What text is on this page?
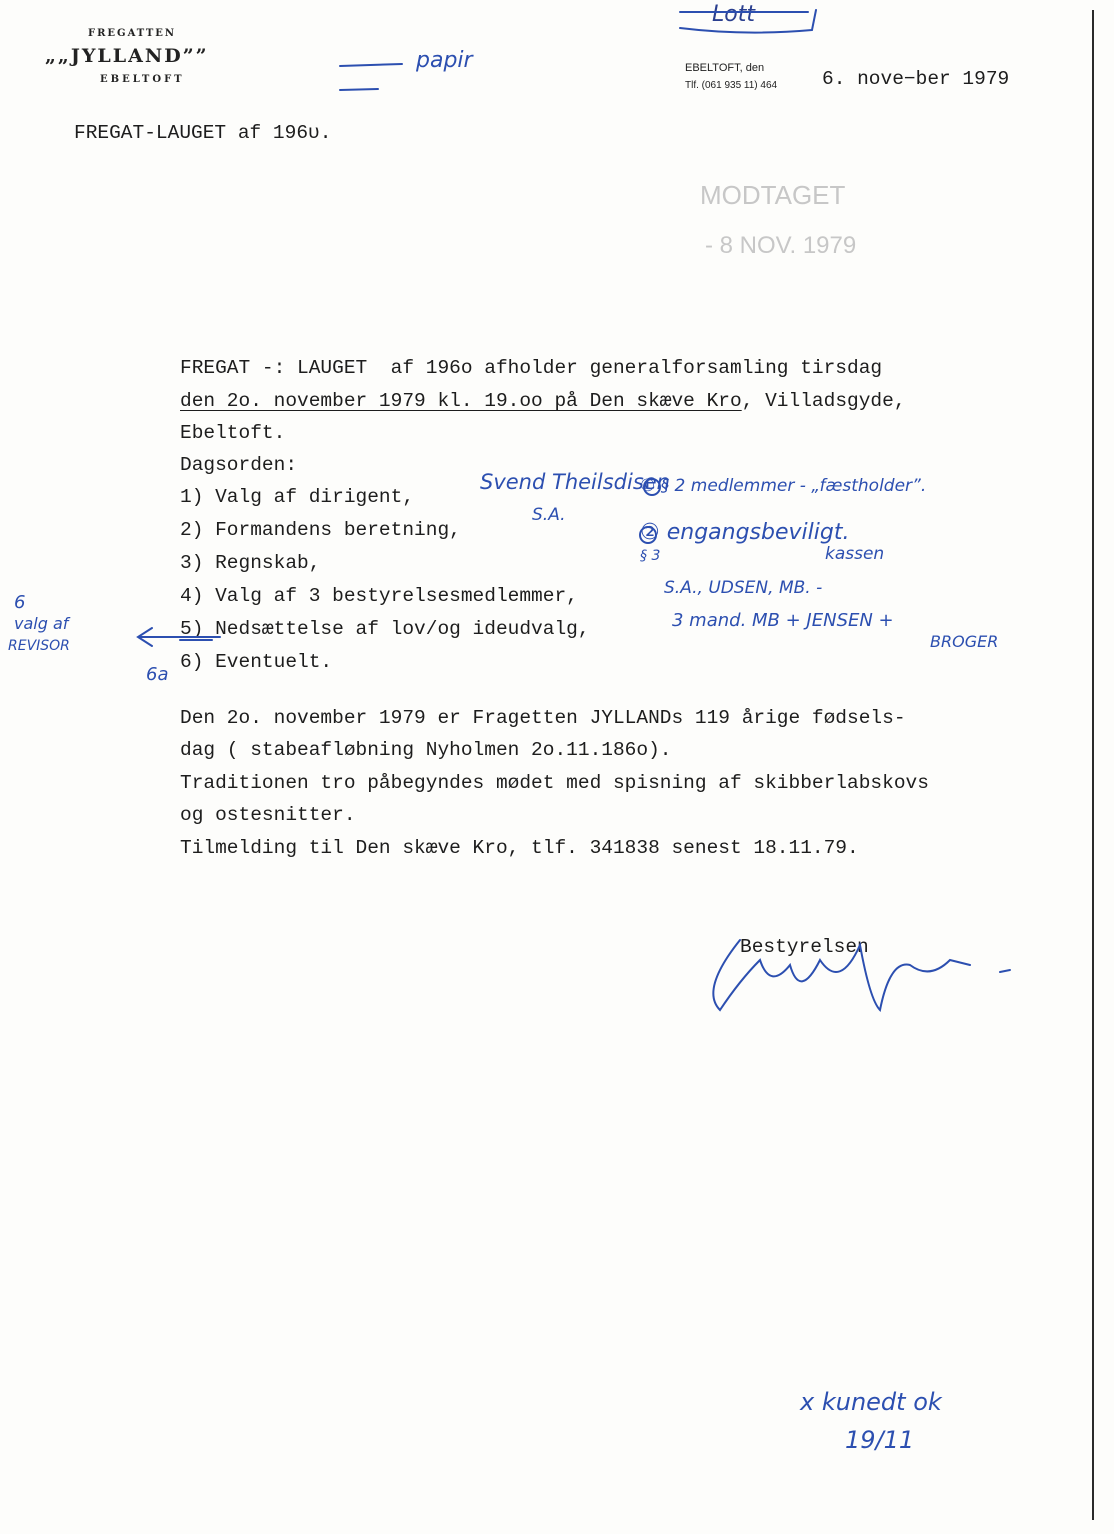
FREGATTEN
„„JYLLAND””
EBELTOFT
EBELTOFT, den
Tlf. (061 935 11) 464 6. nove−ber 1979
FREGAT-LAUGET af 196υ.
MODTAGET
- 8 NOV. 1979
FREGAT -: LAUGET  af 196o afholder generalforsamling tirsdag
den 2o. november 1979 kl. 19.oo på Den skæve Kro, Villadsgyde,
Ebeltoft.
Dagsorden:
1) Valg af dirigent,
2) Formandens beretning,
3) Regnskab,
4) Valg af 3 bestyrelsesmedlemmer,
5) Nedsættelse af lov/og ideudvalg,
6) Eventuelt.
Den 2o. november 1979 er Fragetten JYLLANDs 119 årige fødsels-
dag ( stabeafløbning Nyholmen 2o.11.186o).
Traditionen tro påbegyndes mødet med spisning af skibberlabskovs
og ostesnitter.
Tilmelding til Den skæve Kro, tlf. 341838 senest 18.11.79.
Bestyrelsen
Lott
papir
Svend Theilsdisen
S.A.
① § 2 medlemmer - „fæstholder”.
② engangsbeviligt.
§ 3	kassen
S.A., UDSEN, MB. -
3 mand. MB + JENSEN +
BROGER
6
valg af
REVISOR
6a
x kunedt ok
19/11
